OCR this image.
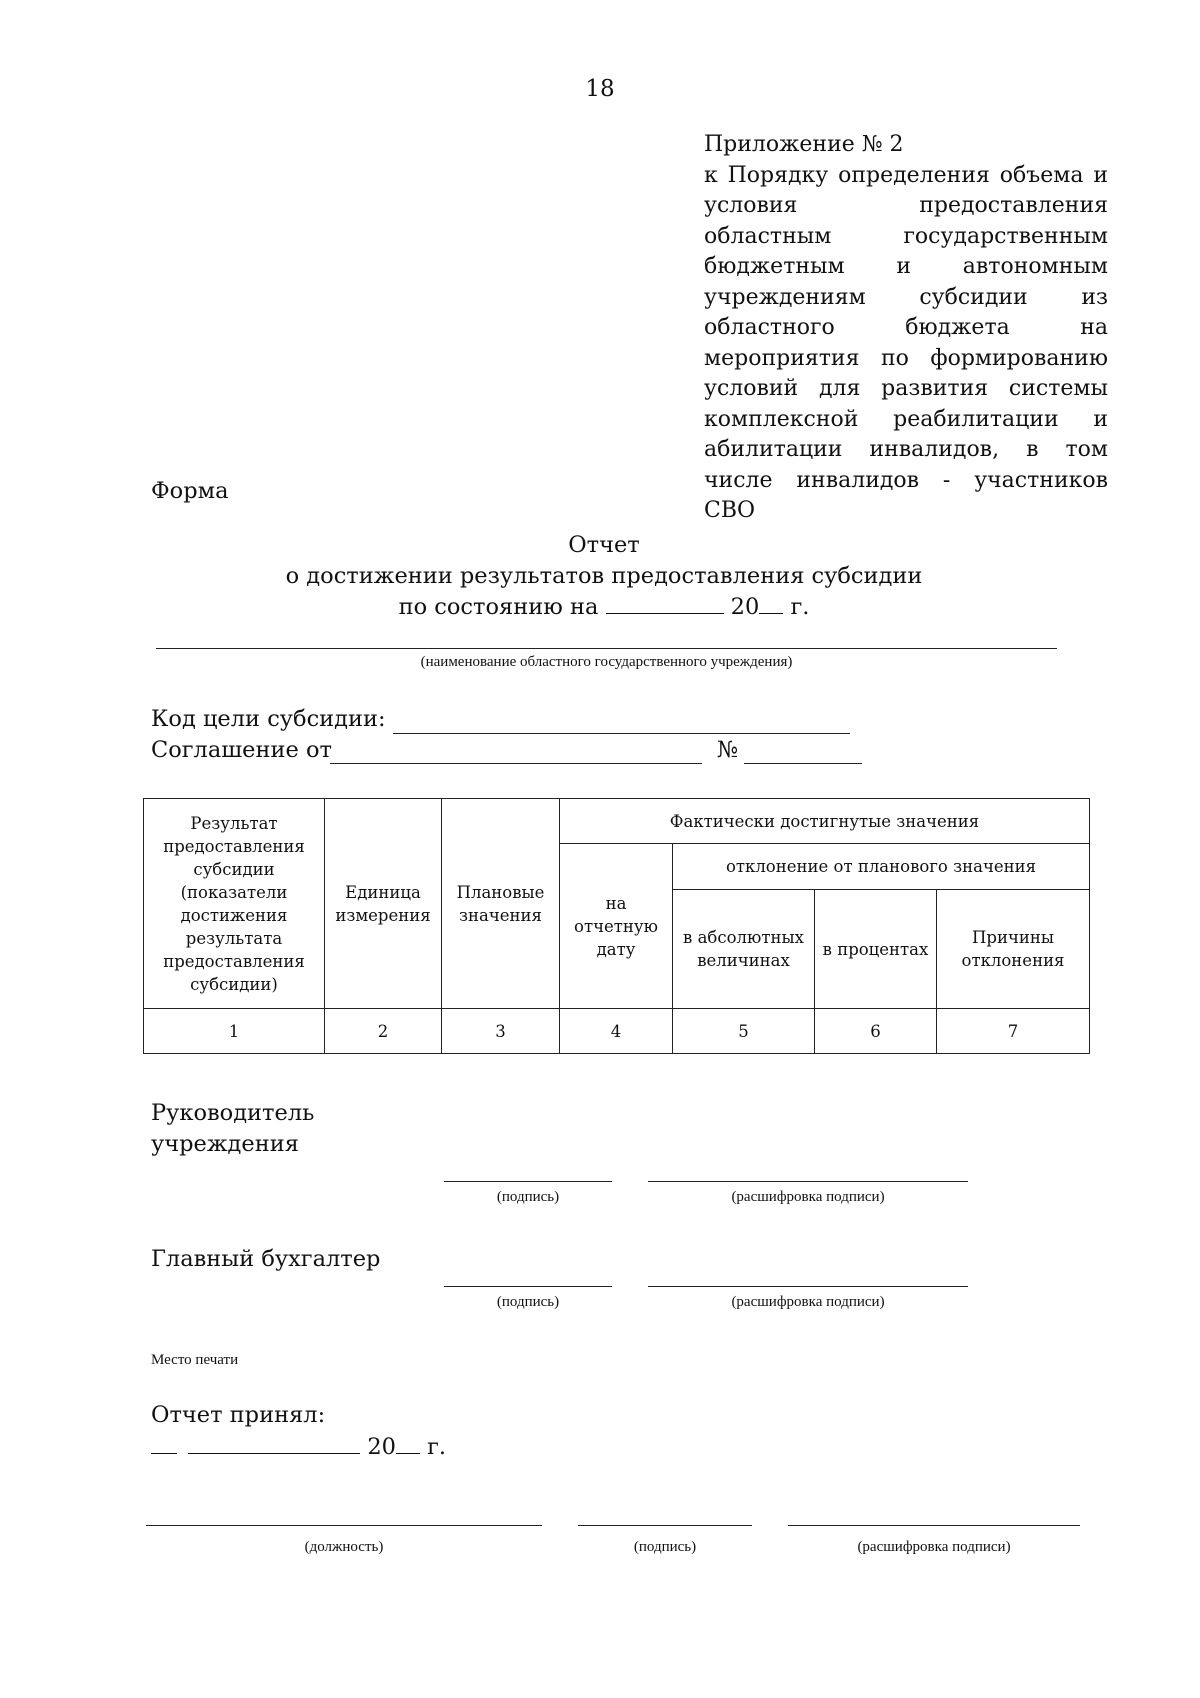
18
Приложение № 2
к Порядку определения объема и условия предоставления областным государственным бюджетным и автономным учреждениям субсидии из областного бюджета на мероприятия по формированию условий для развития системы комплексной реабилитации и абилитации инвалидов, в том числе инвалидов - участников СВО
Форма
Отчет
о достижении результатов предоставления субсидии
по состоянию на	20 г.
(наименование областного государственного учреждения)
Код цели субсидии:
Соглашение от	№
Результат предоставления субсидии (показатели достижения результата предоставления субсидии)	Единица измерения	Плановые значения	Фактически достигнутые значения			
			на отчетную дату	отклонение от планового значения		
				в абсолютных величинах	в процентах	Причины отклонения
1	2	3	4	5	6	7
Руководитель учреждения
(подпись)	(расшифровка подписи)
Главный бухгалтер
(подпись)	(расшифровка подписи)
Место печати
Отчет принял:
20 г.
(должность)	(подпись)	(расшифровка подписи)
